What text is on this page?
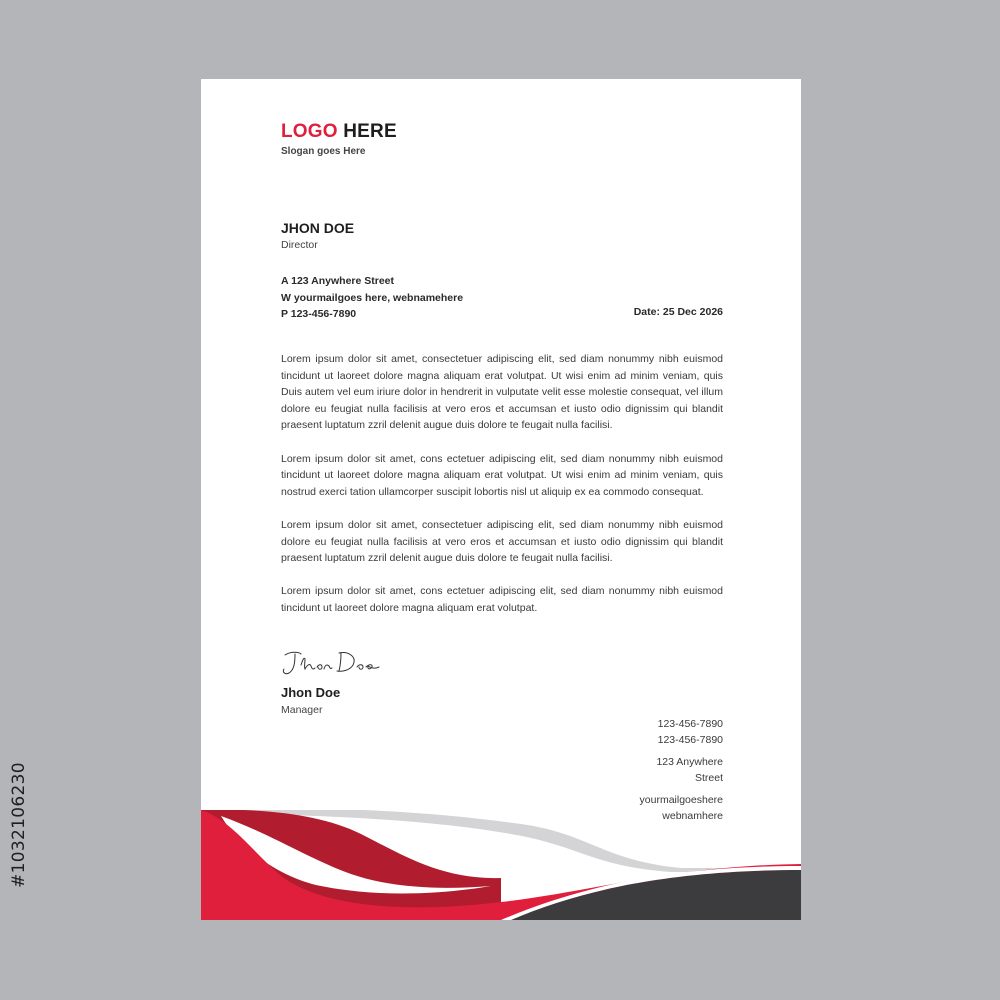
#1032106230
LOGO HERE
Slogan goes Here
JHON DOE
Director
A 123 Anywhere Street
W yourmailgoes here, webnamehere
P 123-456-7890	Date: 25 Dec 2026

Lorem ipsum dolor sit amet, consectetuer adipiscing elit, sed diam nonummy nibh euismod tincidunt ut laoreet dolore magna aliquam erat volutpat. Ut wisi enim ad minim veniam, quis Duis autem vel eum iriure dolor in hendrerit in vulputate velit esse molestie consequat, vel illum dolore eu feugiat nulla facilisis at vero eros et accumsan et iusto odio dignissim qui blandit praesent luptatum zzril delenit augue duis dolore te feugait nulla facilisi.

Lorem ipsum dolor sit amet, cons ectetuer adipiscing elit, sed diam nonummy nibh euismod tincidunt ut laoreet dolore magna aliquam erat volutpat. Ut wisi enim ad minim veniam, quis nostrud exerci tation ullamcorper suscipit lobortis nisl ut aliquip ex ea commodo consequat.

Lorem ipsum dolor sit amet, consectetuer adipiscing elit, sed diam nonummy nibh euismod dolore eu feugiat nulla facilisis at vero eros et accumsan et iusto odio dignissim qui blandit praesent luptatum zzril delenit augue duis dolore te feugait nulla facilisi.

Lorem ipsum dolor sit amet, cons ectetuer adipiscing elit, sed diam nonummy nibh euismod tincidunt ut laoreet dolore magna aliquam erat volutpat.

Jhon Doe
Manager
123-456-7890
123-456-7890
123 Anywhere
Street
yourmailgoeshere
webnamhere
